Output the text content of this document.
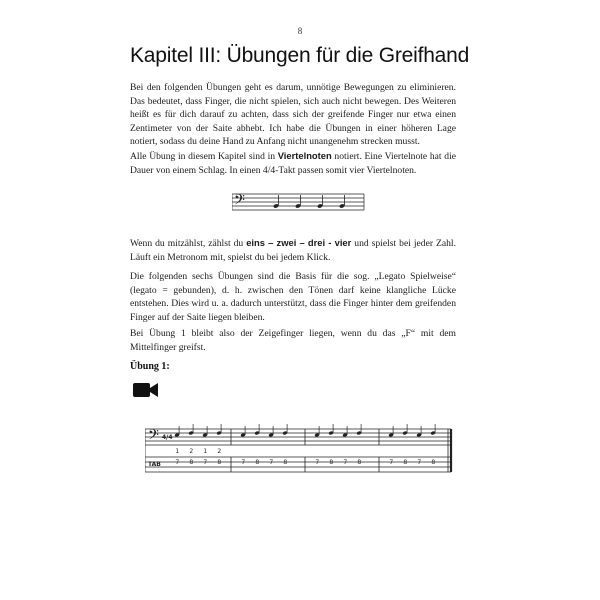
8
Kapitel III: Übungen für die Greifhand
Bei den folgenden Übungen geht es darum, unnötige Bewegungen zu eliminieren. Das bedeutet, dass Finger, die nicht spielen, sich auch nicht bewegen. Des Weiteren heißt es für dich darauf zu achten, dass sich der greifende Finger nur etwa einen Zentimeter von der Saite abhebt. Ich habe die Übungen in einer höheren Lage notiert, sodass du deine Hand zu Anfang nicht unangenehm strecken musst.
Alle Übung in diesem Kapitel sind in Viertelnoten notiert. Eine Viertelnote hat die Dauer von einem Schlag. In einen 4/4-Takt passen somit vier Viertelnoten.
𝄢
Wenn du mitzählst, zählst du eins – zwei – drei - vier und spielst bei jeder Zahl. Läuft ein Metronom mit, spielst du bei jedem Klick.
Die folgenden sechs Übungen sind die Basis für die sog. „Legato Spielweise“ (legato = gebunden), d. h. zwischen den Tönen darf keine klangliche Lücke entstehen. Dies wird u. a. dadurch unterstützt, dass die Finger hinter dem greifenden Finger auf der Saite liegen bleiben.
Bei Übung 1 bleibt also der Zeigefinger liegen, wenn du das „F“ mit dem Mittelfinger greifst.
Übung 1:
𝄢 4/4
TAB
1 2 1 2
7 8 7 8	7 8 7 8	7 8 7 8	7 8 7 8
